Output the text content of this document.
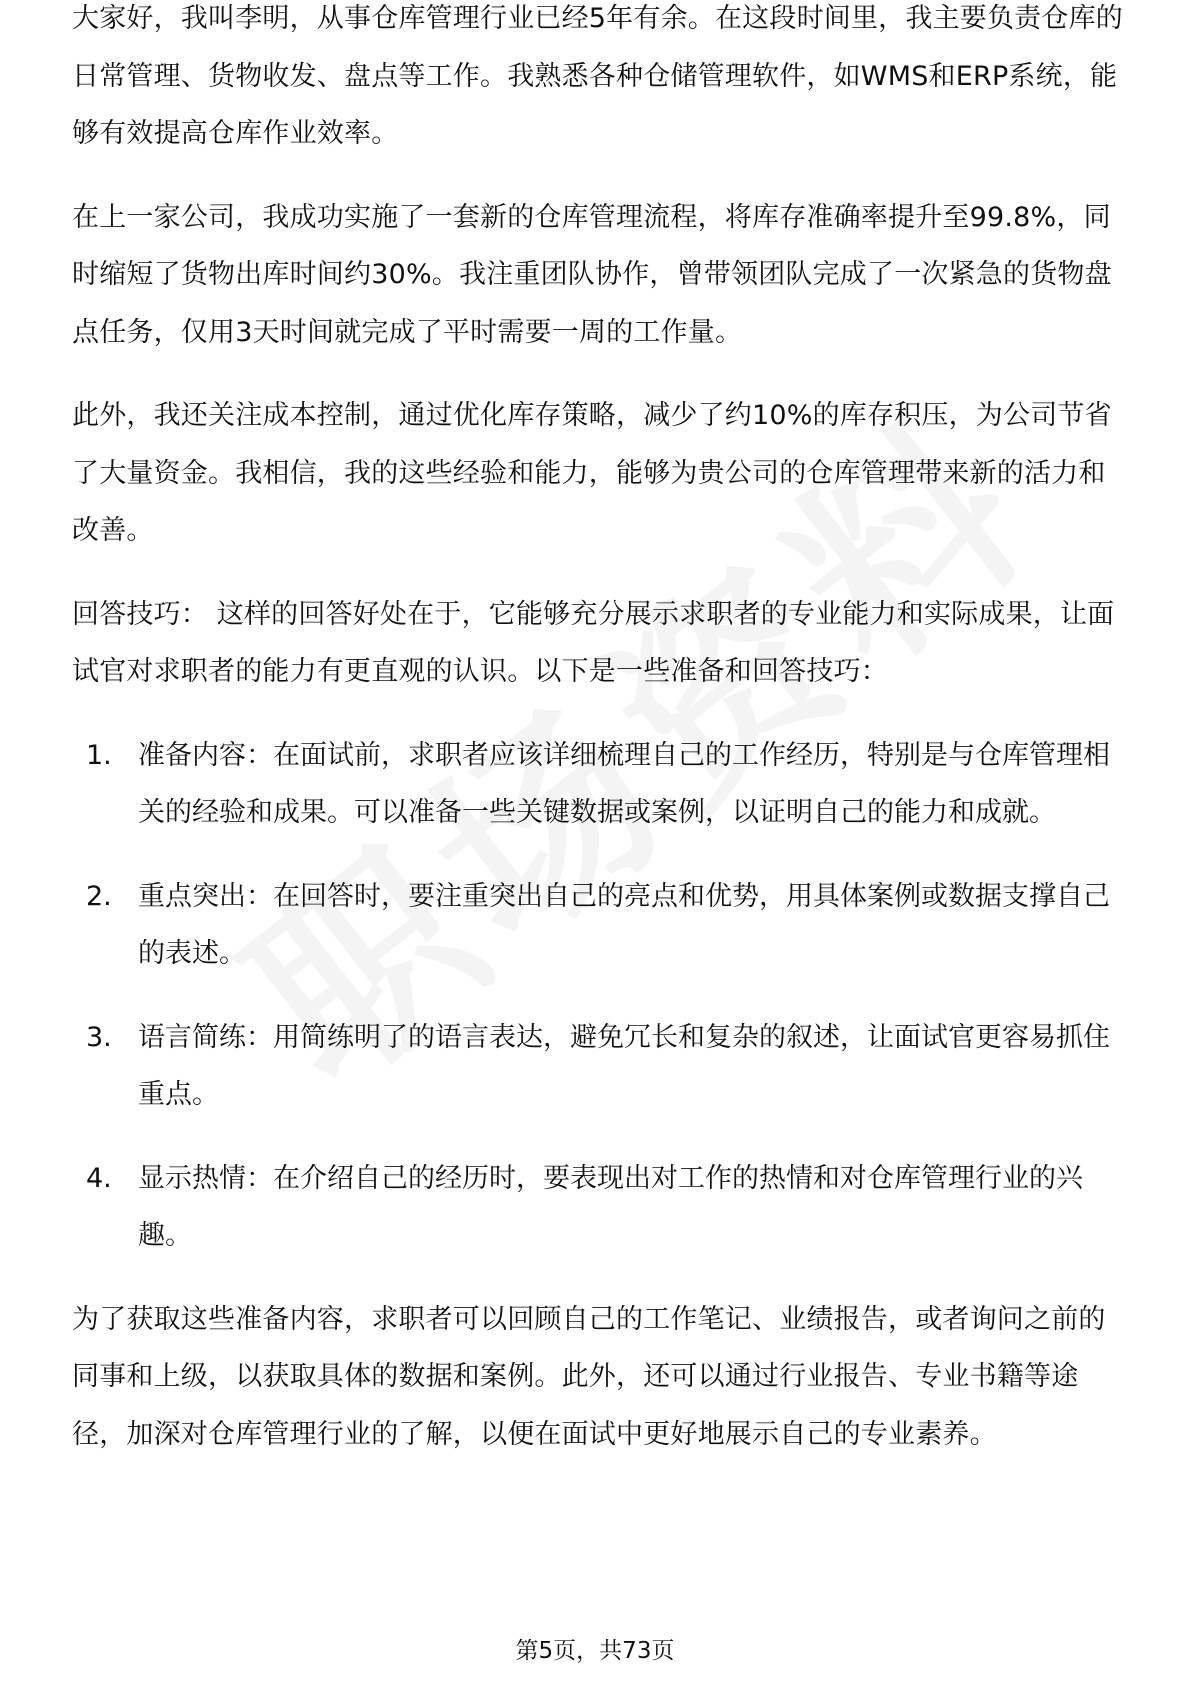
大家好，我叫李明，从事仓库管理行业已经5年有余。在这段时间里，我主要负责仓库的日常管理、货物收发、盘点等工作。我熟悉各种仓储管理软件，如WMS和ERP系统，能够有效提高仓库作业效率。

在上一家公司，我成功实施了一套新的仓库管理流程，将库存准确率提升至99.8%，同时缩短了货物出库时间约30%。我注重团队协作，曾带领团队完成了一次紧急的货物盘点任务，仅用3天时间就完成了平时需要一周的工作量。

此外，我还关注成本控制，通过优化库存策略，减少了约10%的库存积压，为公司节省了大量资金。我相信，我的这些经验和能力，能够为贵公司的仓库管理带来新的活力和改善。

回答技巧： 这样的回答好处在于，它能够充分展示求职者的专业能力和实际成果，让面试官对求职者的能力有更直观的认识。以下是一些准备和回答技巧：

1. 准备内容：在面试前，求职者应该详细梳理自己的工作经历，特别是与仓库管理相关的经验和成果。可以准备一些关键数据或案例，以证明自己的能力和成就。
2. 重点突出：在回答时，要注重突出自己的亮点和优势，用具体案例或数据支撑自己的表述。
3. 语言简练：用简练明了的语言表达，避免冗长和复杂的叙述，让面试官更容易抓住重点。
4. 显示热情：在介绍自己的经历时，要表现出对工作的热情和对仓库管理行业的兴趣。

为了获取这些准备内容，求职者可以回顾自己的工作笔记、业绩报告，或者询问之前的同事和上级，以获取具体的数据和案例。此外，还可以通过行业报告、专业书籍等途径，加深对仓库管理行业的了解，以便在面试中更好地展示自己的专业素养。

第5页，共73页
